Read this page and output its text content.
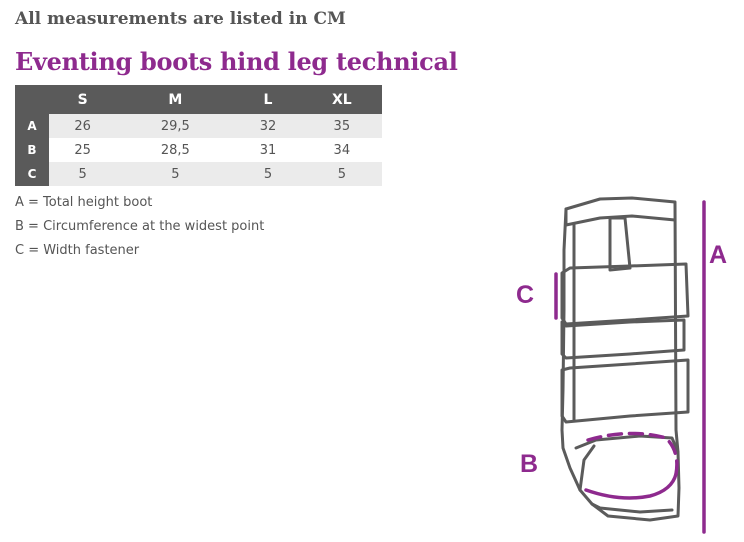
All measurements are listed in CM
Eventing boots hind leg technical
	S	M	L	XL
A	26	29,5	32	35
B	25	28,5	31	34
C	5	5	5	5
A = Total height boot
B = Circumference at the widest point
C = Width fastener	A
C
B
